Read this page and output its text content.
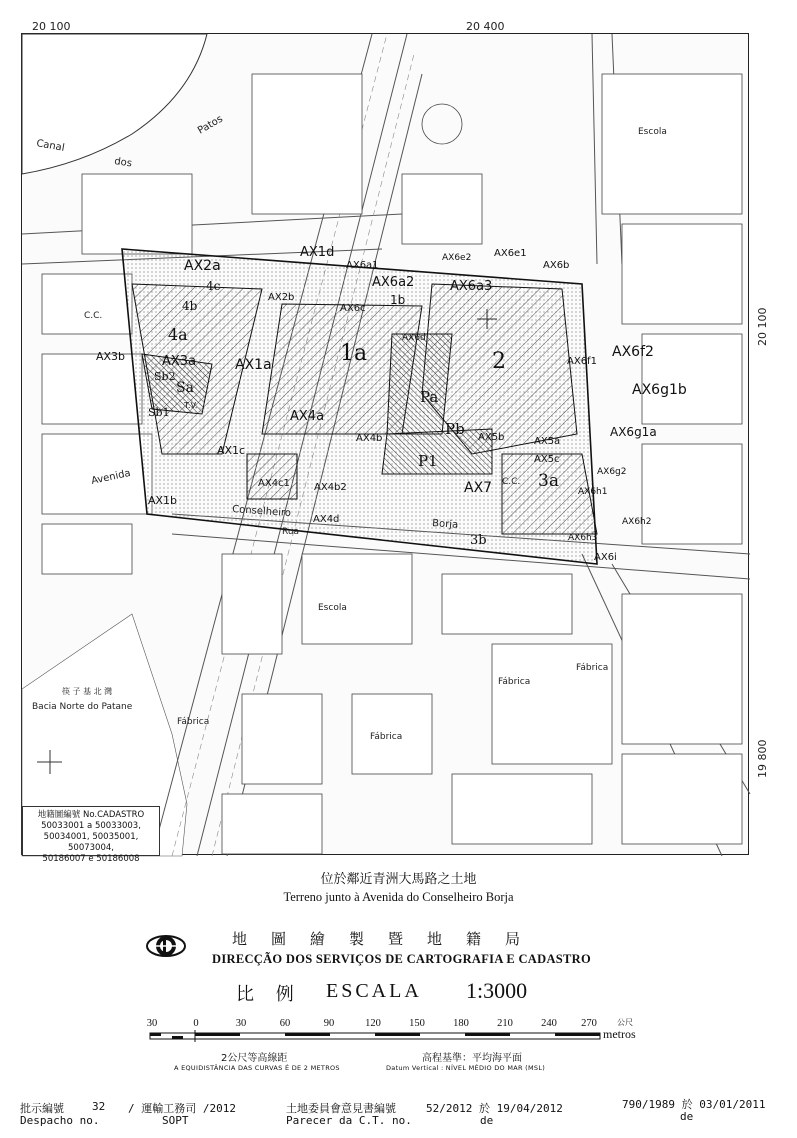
20 100	20 400
20 100
19 800
1a	2
Pa
Pb
P1
3a
3b
4a
4b
4c
Sa
Sb1
Sb2
AX1a
AX1b
AX1c
AX1d
AX2a
AX2b
AX3a
AX3b
AX4a
AX4b
AX4b2
AX4c1
AX4d
AX5a
AX5b
AX5c
AX6a1
AX6a2	AX6a3
AX6b
AX6c
AX6d
AX6e1
AX6e2
AX6f1
AX6f2
AX6g1a
AX6g1b
AX6g2
AX6h1
AX6h2
AX6h3
AX6i
AX7
1b
Canal
dos
Patos
筷 子 基 北 灣
Bacia Norte do Patane
Avenida
Conselheiro
Borja
Rua
Escola
Escola
Fábrica
Fábrica
Fábrica
Fábrica
C.C.
C.C.
T.V.
地籍圖編號 No.CADASTRO
50033001 a 50033003,
50034001, 50035001, 50073004,
50186007 e 50186008
位於鄰近青洲大馬路之土地
Terreno junto à Avenida do Conselheiro Borja
地圖繪製暨地籍局
DIRECÇÃO DOS SERVIÇOS DE CARTOGRAFIA E CADASTRO
比 例 ESCALA 1:3000
30	0	30	60	90	120	150	180	210	240 270	公尺
metros
2公尺等高線距
A EQUIDISTÂNCIA DAS CURVAS É DE 2 METROS
高程基準：平均海平面
Datum Vertical : NÍVEL MÉDIO DO MAR (MSL)
批示編號	32 / 運輸工務司 /2012
Despacho no.	SOPT
土地委員會意見書編號	52/2012 於 19/04/2012
Parecer da C.T. no.	de
790/1989 於 03/01/2011
de
